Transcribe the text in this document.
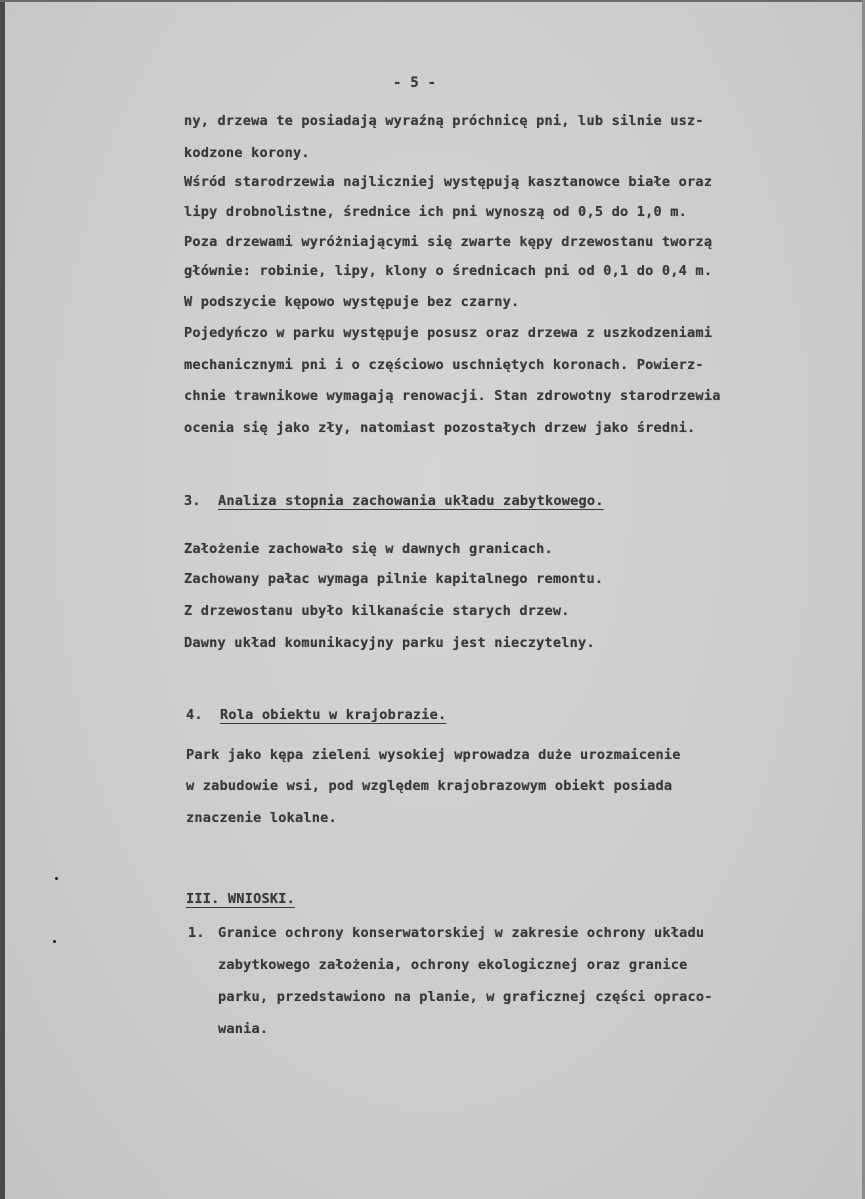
- 5 -
ny, drzewa te posiadają wyraźną próchnicę pni, lub silnie usz-
kodzone korony.
Wśród starodrzewia najliczniej występują kasztanowce białe oraz
lipy drobnolistne, średnice ich pni wynoszą od 0,5 do 1,0 m.
Poza drzewami wyróżniającymi się zwarte kępy drzewostanu tworzą
głównie: robinie, lipy, klony o średnicach pni od 0,1 do 0,4 m.
W podszycie kępowo występuje bez czarny.
Pojedyńczo w parku występuje posusz oraz drzewa z uszkodzeniami
mechanicznymi pni i o częściowo uschniętych koronach. Powierz-
chnie trawnikowe wymagają renowacji. Stan zdrowotny starodrzewia
ocenia się jako zły, natomiast pozostałych drzew jako średni.
3. Analiza stopnia zachowania układu zabytkowego.
Założenie zachowało się w dawnych granicach.
Zachowany pałac wymaga pilnie kapitalnego remontu.
Z drzewostanu ubyło kilkanaście starych drzew.
Dawny układ komunikacyjny parku jest nieczytelny.
4. Rola obiektu w krajobrazie.
Park jako kępa zieleni wysokiej wprowadza duże urozmaicenie
w zabudowie wsi, pod względem krajobrazowym obiekt posiada
znaczenie lokalne.
III. WNIOSKI.
1. Granice ochrony konserwatorskiej w zakresie ochrony układu
zabytkowego założenia, ochrony ekologicznej oraz granice
parku, przedstawiono na planie, w graficznej części opraco-
wania.
